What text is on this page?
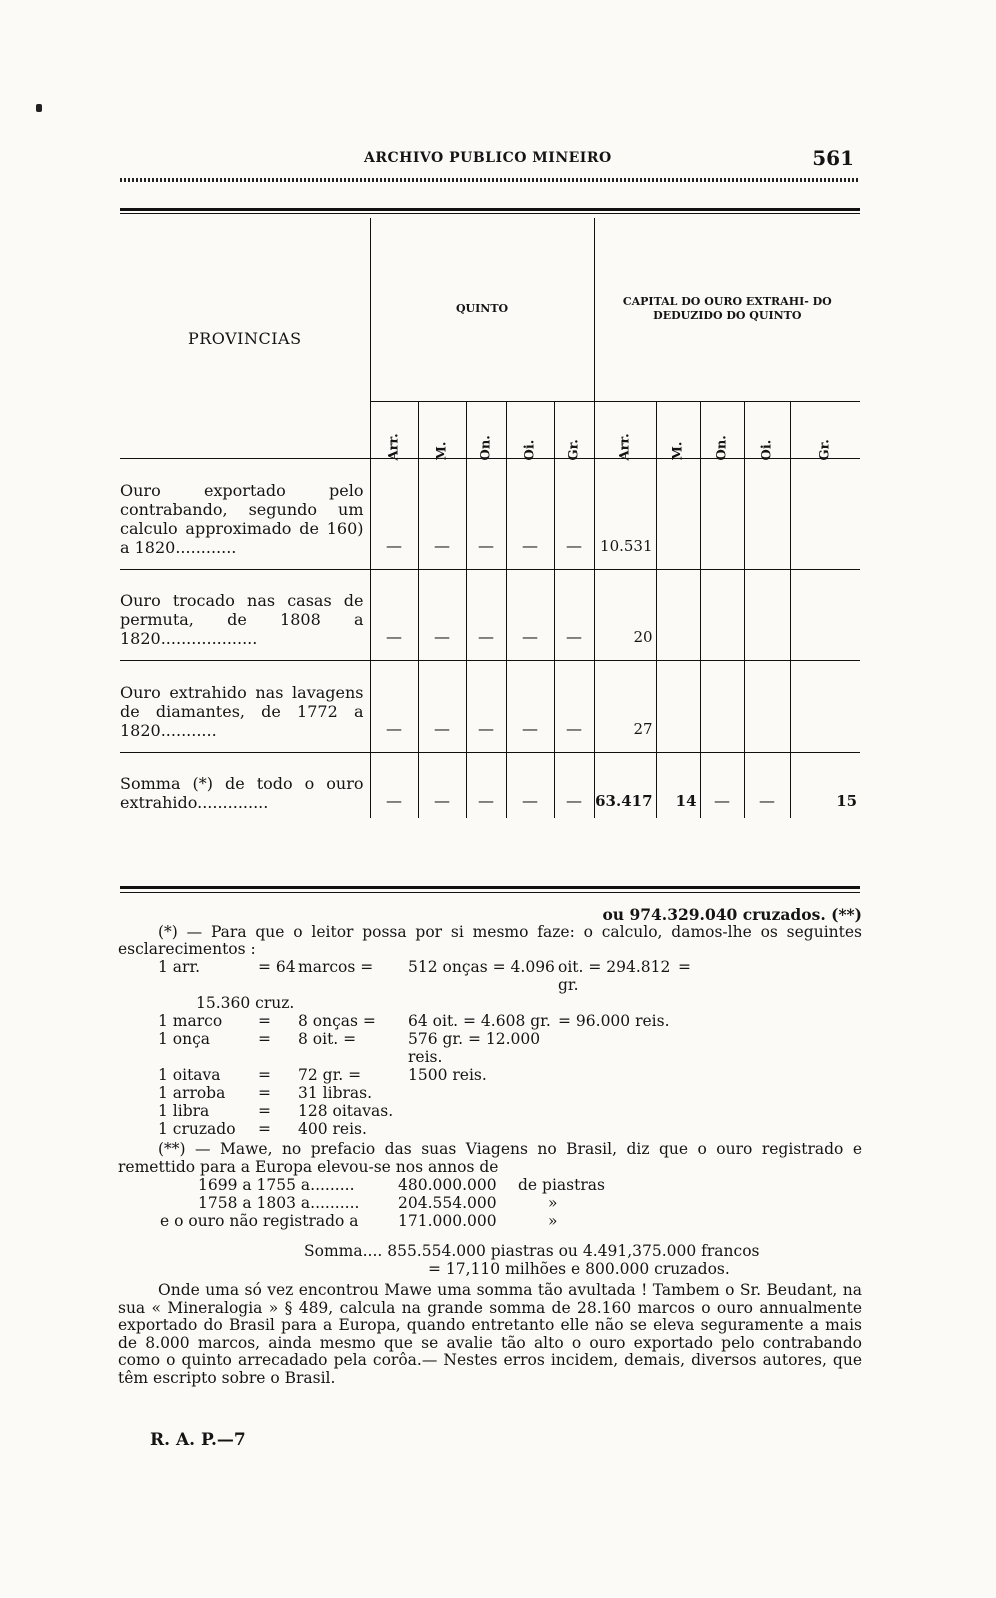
ARCHIVO PUBLICO MINEIRO	561
PROVINCIAS	QUINTO					CAPITAL DO OURO EXTRAHI- DO DEDUZIDO DO QUINTO				

	Arr.	M.	On.	Oi.	Gr.	Arr.	M.	On.	Oi.	Gr.

Ouro exportado pelo contrabando, segundo um calculo approximado de 160) a 1820............	—	—	—	—	—	10.531				

Ouro trocado nas casas de permuta, de 1808 a 1820...................	—	—	—	—	—	20				

Ouro extrahido nas lavagens de diamantes, de 1772 a 1820...........	—	—	—	—	—	27				

Somma (*) de todo o ouro extrahido..............	—	—	—	—	—	63.417	14	—	—	15

ou 974.329.040 cruzados. (**)

(*) — Para que o leitor possa por si mesmo faze: o calculo, damos-lhe os seguintes esclarecimentos :

1 arr.	= 64 marcos =	512 onças = 4.096 oit. = 294.812 gr.
=

15.360 cruz.

1 marco	=	8 onças =	64 oit. = 4.608 gr. = 96.000 reis.
1 onça	=	8 oit. =	576 gr. = 12.000 reis.
1 oitava	=	72 gr. =	1500 reis.
1 arroba	=	31 libras.
1 libra	=	128 oitavas.
1 cruzado	=	400 reis.

(**) — Mawe, no prefacio das suas Viagens no Brasil, diz que o ouro registrado e remettido para a Europa elevou-se nos annos de

1699 a 1755 a.........	480.000.000	de piastras
1758 a 1803 a..........	204.554.000	»
e o ouro não registrado a	171.000.000	»

Somma.... 855.554.000 piastras ou 4.491,375.000 francos

= 17,110 milhões e 800.000 cruzados.

Onde uma só vez encontrou Mawe uma somma tão avultada ! Tambem o Sr. Beudant, na sua « Mineralogia » § 489, calcula na grande somma de 28.160 marcos o ouro annualmente exportado do Brasil para a Europa, quando entretanto elle não se eleva seguramente a mais de 8.000 marcos, ainda mesmo que se avalie tão alto o ouro exportado pelo contrabando como o quinto arrecadado pela corôa.— Nestes erros incidem, demais, diversos autores, que têm escripto sobre o Brasil.

R. A. P.—7
